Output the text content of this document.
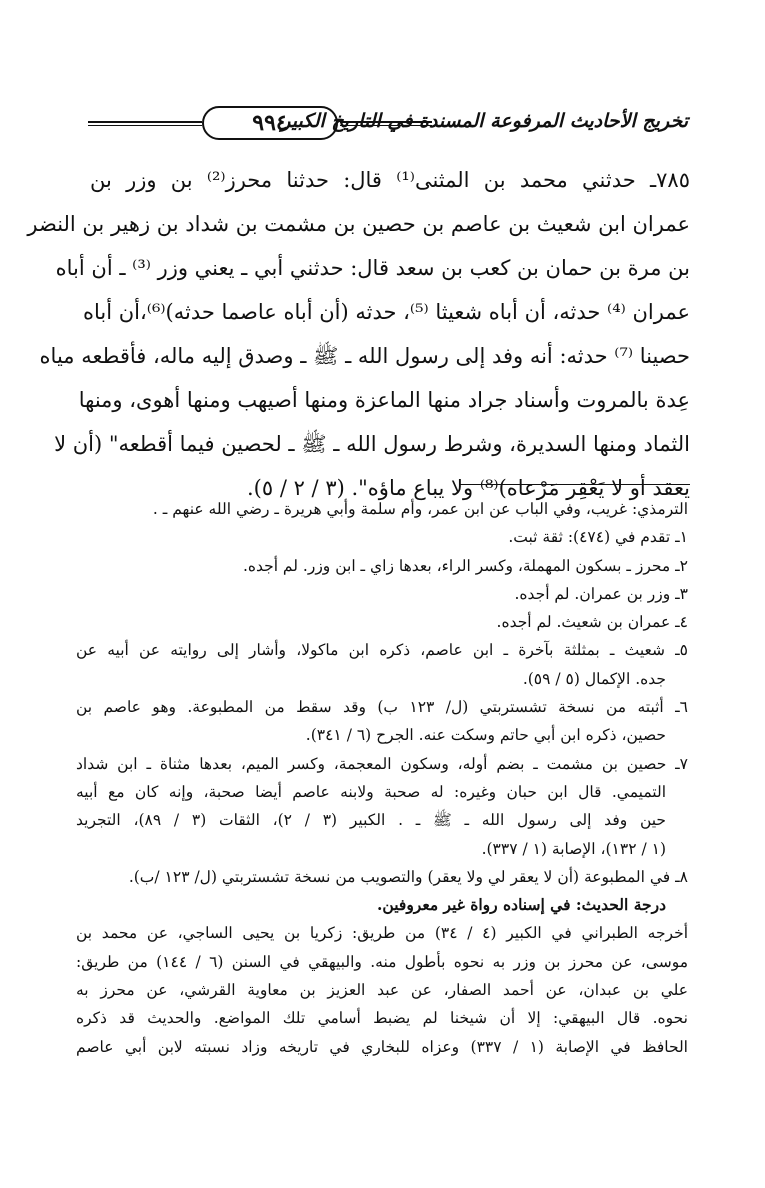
تخريج الأحاديث المرفوعة المسندة في التاريخ الكبير
٩٩٤
٧٨٥ـ حدثني محمد بن المثنى⁽¹⁾ قال: حدثنا محرز⁽²⁾ بن وزر بن
عمران ابن شعيث بن عاصم بن حصين بن مشمت بن شداد بن زهير بن النضر
بن مرة بن حمان بن كعب بن سعد قال: حدثني أبي ـ يعني وزر ⁽³⁾ ـ أن أباه
عمران ⁽⁴⁾ حدثه، أن أباه شعيثا ⁽⁵⁾، حدثه (أن أباه عاصما حدثه)⁽⁶⁾،أن أباه
حصينا ⁽⁷⁾ حدثه: أنه وفد إلى رسول الله ـ ﷺ ـ وصدق إليه ماله، فأقطعه مياه
عِدة بالمروت وأسناد جراد منها الماعزة ومنها أصيهب ومنها أهوى، ومنها
الثماد ومنها السديرة، وشرط رسول الله ـ ﷺ ـ لحصين فيما أقطعه" (أن لا
يعقد أو لا يَعْقِر مَرْعاه)⁽⁸⁾ ولا يباع ماؤه". (٣ / ٢ / ٥).
الترمذي: غريب، وفي الباب عن ابن عمر، وأم سلمة وأبي هريرة ـ رضي الله عنهم ـ .
١ـ تقدم في (٤٧٤): ثقة ثبت.
٢ـ محرز ـ بسكون المهملة، وكسر الراء، بعدها زاي ـ ابن وزر. لم أجده.
٣ـ وزر بن عمران. لم أجده.
٤ـ عمران بن شعيث. لم أجده.
٥ـ شعيث ـ بمثلثة بآخرة ـ ابن عاصم، ذكره ابن ماكولا، وأشار إلى روايته عن أبيه عن
جده. الإكمال (٥ / ٥٩).
٦ـ أثبته من نسخة تشستربتي (ل/ ١٢٣ ب) وقد سقط من المطبوعة. وهو عاصم بن
حصين، ذكره ابن أبي حاتم وسكت عنه. الجرح (٦ / ٣٤١).
٧ـ حصين بن مشمت ـ بضم أوله، وسكون المعجمة، وكسر الميم، بعدها مثناة ـ ابن شداد
التميمي. قال ابن حبان وغيره: له صحبة ولابنه عاصم أيضا صحبة، وإنه كان مع أبيه
حين وفد إلى رسول الله ـ ﷺ ـ . الكبير (٣ / ٢)، الثقات (٣ / ٨٩)، التجريد
(١ / ١٣٢)، الإصابة (١ / ٣٣٧).
٨ـ في المطبوعة (أن لا يعقر لي ولا يعقر) والتصويب من نسخة تشستربتي (ل/ ١٢٣ /ب).
درجة الحديث: في إسناده رواة غير معروفين.
أخرجه الطبراني في الكبير (٤ / ٣٤) من طريق: زكريا بن يحيى الساجي، عن محمد بن
موسى، عن محرز بن وزر به نحوه بأطول منه. والبيهقي في السنن (٦ / ١٤٤) من طريق:
علي بن عبدان، عن أحمد الصفار، عن عبد العزيز بن معاوية القرشي، عن محرز به
نحوه. قال البيهقي: إلا أن شيخنا لم يضبط أسامي تلك المواضع. والحديث قد ذكره
الحافظ في الإصابة (١ / ٣٣٧) وعزاه للبخاري في تاريخه وزاد نسبته لابن أبي عاصم
